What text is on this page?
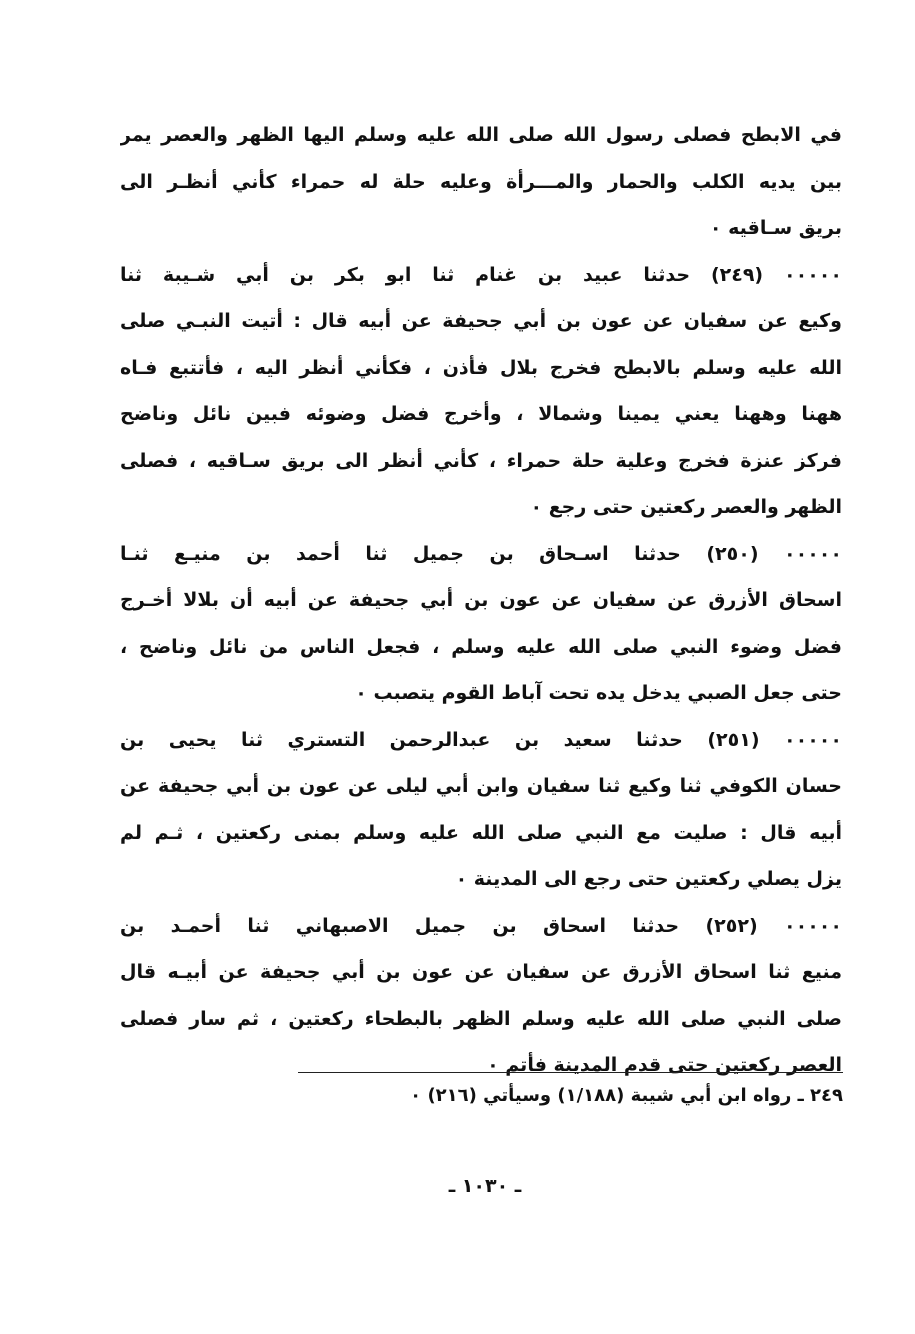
في الابطح فصلى رسول الله صلى الله عليه وسلم اليها الظهر والعصر يمر
بين يديه الكلب والحمار والمـــرأة وعليه حلة له حمراء كأني أنظـر الى
بريق سـاقيه ٠
٠٠٠٠٠ (٢٤٩) حدثنا عبيد بن غنام ثنا ابو بكر بن أبي شـيبة ثنا
وكيع عن سفيان عن عون بن أبي جحيفة عن أبيه قال : أتيت النبـي صلى
الله عليه وسلم بالابطح فخرج بلال فأذن ، فكأني أنظر اليه ، فأتتبع فـاه
ههنا وههنا يعني يمينا وشمالا ، وأخرج فضل وضوئه فبين نائل وناضح
فركز عنزة فخرج وعلية حلة حمراء ، كأني أنظر الى بريق سـاقيه ، فصلى
الظهر والعصر ركعتين حتى رجع ٠
٠٠٠٠٠ (٢٥٠) حدثنا اسـحاق بن جميل ثنا أحمد بن منيـع ثنـا
اسحاق الأزرق عن سفيان عن عون بن أبي جحيفة عن أبيه أن بلالا أخـرج
فضل وضوء النبي صلى الله عليه وسلم ، فجعل الناس من نائل وناضح ،
حتى جعل الصبي يدخل يده تحت آباط القوم يتصبب ٠
٠٠٠٠٠ (٢٥١) حدثنا سعيد بن عبدالرحمن التستري ثنا يحيى بن
حسان الكوفي ثنا وكيع ثنا سفيان وابن أبي ليلى عن عون بن أبي جحيفة عن
أبيه قال : صليت مع النبي صلى الله عليه وسلم بمنى ركعتين ، ثـم لم
يزل يصلي ركعتين حتى رجع الى المدينة ٠
٠٠٠٠٠ (٢٥٢) حدثنا اسحاق بن جميل الاصبهاني ثنا أحمـد بن
منيع ثنا اسحاق الأزرق عن سفيان عن عون بن أبي جحيفة عن أبيـه قال
صلى النبي صلى الله عليه وسلم الظهر بالبطحاء ركعتين ، ثم سار فصلى
العصر ركعتين حتى قدم المدينة فأتم ٠
٢٤٩ ـ رواه ابن أبي شيبة (١/١٨٨) وسيأتي (٢١٦) ٠
ـ ١٠٣٠ ـ
